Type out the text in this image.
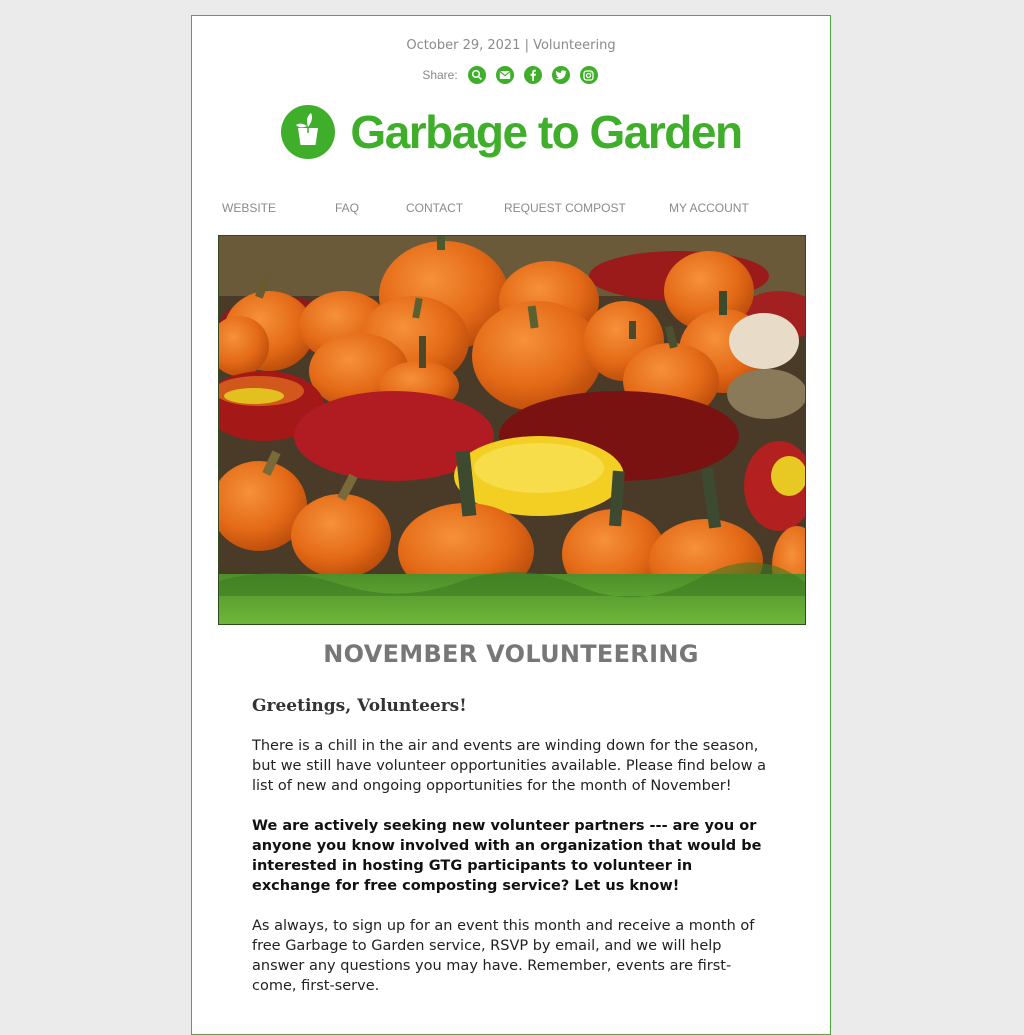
October 29, 2021 | Volunteering
Share:
Garbage to Garden
WEBSITE	FAQ	CONTACT	REQUEST COMPOST	MY ACCOUNT
NOVEMBER VOLUNTEERING
Greetings, Volunteers!

There is a chill in the air and events are winding down for the season, but we still have volunteer opportunities available. Please find below a list of new and ongoing opportunities for the month of November!

We are actively seeking new volunteer partners --- are you or anyone you know involved with an organization that would be interested in hosting GTG participants to volunteer in exchange for free composting service? Let us know!

As always, to sign up for an event this month and receive a month of free Garbage to Garden service, RSVP by email, and we will help answer any questions you may have. Remember, events are first-come, first-serve.
